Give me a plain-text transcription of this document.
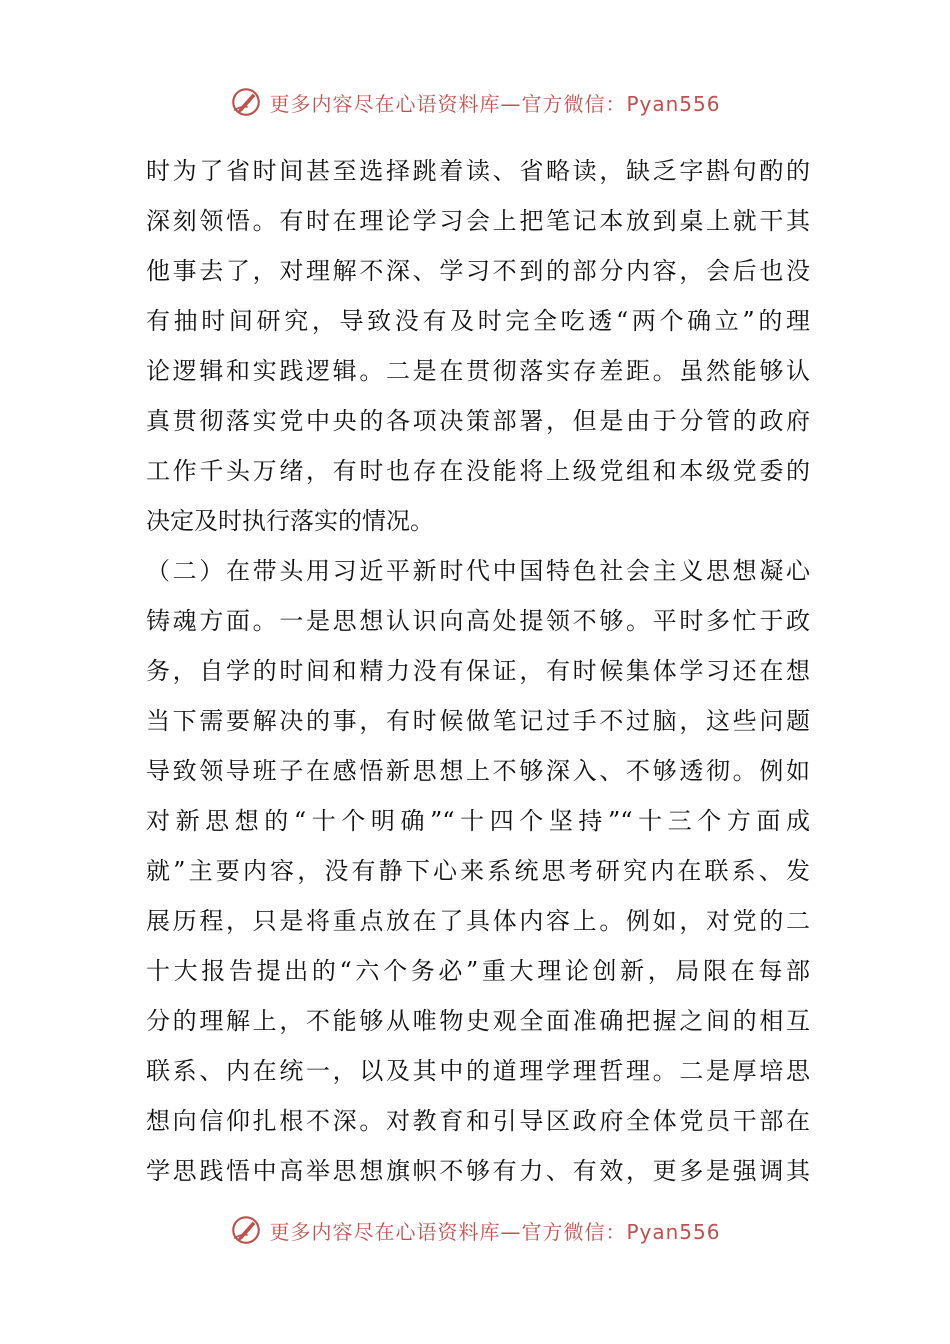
更多内容尽在心语资料库—官方微信：Pyan556
时为了省时间甚至选择跳着读、省略读，缺乏字斟句酌的
深刻领悟。有时在理论学习会上把笔记本放到桌上就干其
他事去了，对理解不深、学习不到的部分内容，会后也没
有抽时间研究，导致没有及时完全吃透“两个确立”的理
论逻辑和实践逻辑。二是在贯彻落实存差距。虽然能够认
真贯彻落实党中央的各项决策部署，但是由于分管的政府
工作千头万绪，有时也存在没能将上级党组和本级党委的
决定及时执行落实的情况。
（二）在带头用习近平新时代中国特色社会主义思想凝心
铸魂方面。一是思想认识向高处提领不够。平时多忙于政
务，自学的时间和精力没有保证，有时候集体学习还在想
当下需要解决的事，有时候做笔记过手不过脑，这些问题
导致领导班子在感悟新思想上不够深入、不够透彻。例如
对新思想的“十个明确”“十四个坚持”“十三个方面成
就”主要内容，没有静下心来系统思考研究内在联系、发
展历程，只是将重点放在了具体内容上。例如，对党的二
十大报告提出的“六个务必”重大理论创新，局限在每部
分的理解上，不能够从唯物史观全面准确把握之间的相互
联系、内在统一，以及其中的道理学理哲理。二是厚培思
想向信仰扎根不深。对教育和引导区政府全体党员干部在
学思践悟中高举思想旗帜不够有力、有效，更多是强调其
更多内容尽在心语资料库—官方微信：Pyan556
